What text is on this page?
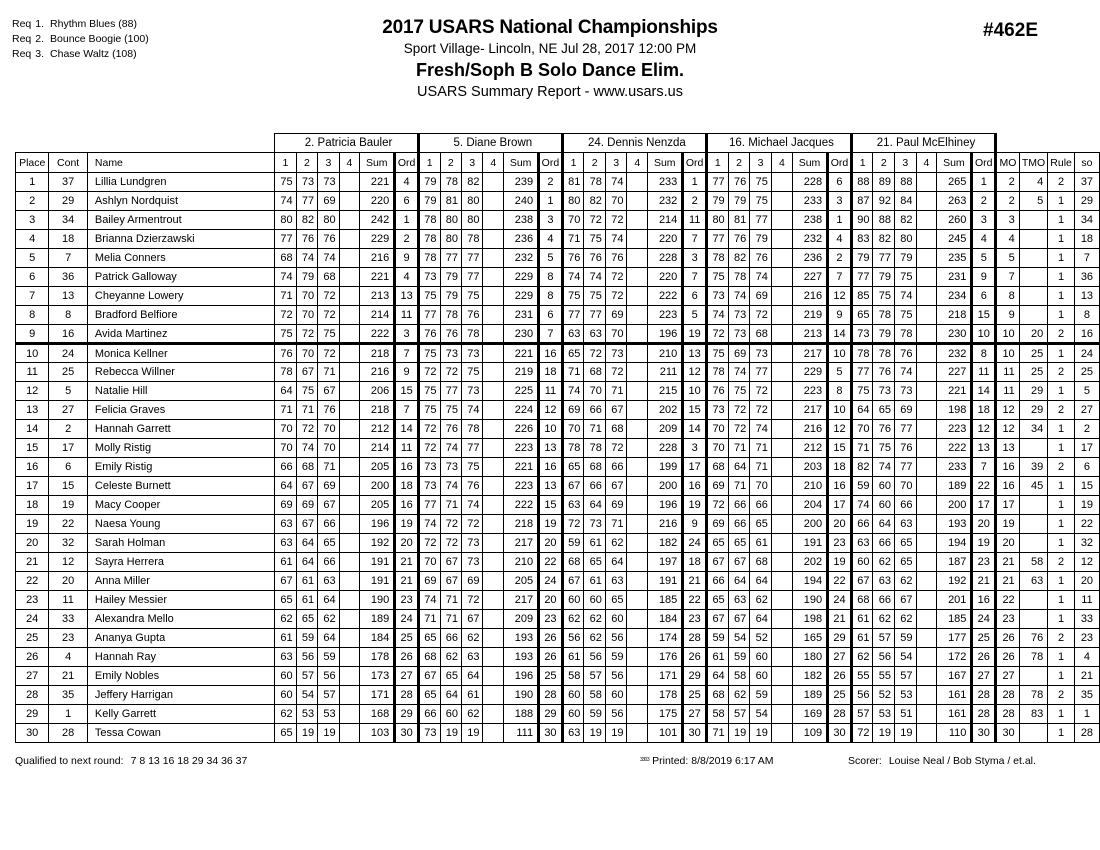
Req 1. Rhythm Blues (88)
Req 2. Bounce Boogie (100)
Req 3. Chase Waltz (108)
2017 USARS National Championships
Sport Village- Lincoln, NE Jul 28, 2017 12:00 PM
Fresh/Soph B Solo Dance Elim.
USARS Summary Report - www.usars.us
#462E
			2. Patricia Bauler						5. Diane Brown						24. Dennis Nenzda						16. Michael Jacques						21. Paul McElhiney									
Place	Cont	Name	1	2	3	4	Sum	Ord	1	2	3	4	Sum	Ord	1	2	3	4	Sum	Ord	1	2	3	4	Sum	Ord	1	2	3	4	Sum	Ord	MO	TMO	Rule	so
1	37	Lillia Lundgren	75	73	73		221	4	79	78	82		239	2	81	78	74		233	1	77	76	75		228	6	88	89	88		265	1	2	4	2	37
2	29	Ashlyn Nordquist	74	77	69		220	6	79	81	80		240	1	80	82	70		232	2	79	79	75		233	3	87	92	84		263	2	2	5	1	29
3	34	Bailey Armentrout	80	82	80		242	1	78	80	80		238	3	70	72	72		214	11	80	81	77		238	1	90	88	82		260	3	3		1	34
4	18	Brianna Dzierzawski	77	76	76		229	2	78	80	78		236	4	71	75	74		220	7	77	76	79		232	4	83	82	80		245	4	4		1	18
5	7	Melia Conners	68	74	74		216	9	78	77	77		232	5	76	76	76		228	3	78	82	76		236	2	79	77	79		235	5	5		1	7
6	36	Patrick Galloway	74	79	68		221	4	73	79	77		229	8	74	74	72		220	7	75	78	74		227	7	77	79	75		231	9	7		1	36
7	13	Cheyanne Lowery	71	70	72		213	13	75	79	75		229	8	75	75	72		222	6	73	74	69		216	12	85	75	74		234	6	8		1	13
8	8	Bradford Belfiore	72	70	72		214	11	77	78	76		231	6	77	77	69		223	5	74	73	72		219	9	65	78	75		218	15	9		1	8
9	16	Avida Martinez	75	72	75		222	3	76	76	78		230	7	63	63	70		196	19	72	73	68		213	14	73	79	78		230	10	10	20	2	16
10	24	Monica Kellner	76	70	72		218	7	75	73	73		221	16	65	72	73		210	13	75	69	73		217	10	78	78	76		232	8	10	25	1	24
11	25	Rebecca Willner	78	67	71		216	9	72	72	75		219	18	71	68	72		211	12	78	74	77		229	5	77	76	74		227	11	11	25	2	25
12	5	Natalie Hill	64	75	67		206	15	75	77	73		225	11	74	70	71		215	10	76	75	72		223	8	75	73	73		221	14	11	29	1	5
13	27	Felicia Graves	71	71	76		218	7	75	75	74		224	12	69	66	67		202	15	73	72	72		217	10	64	65	69		198	18	12	29	2	27
14	2	Hannah Garrett	70	72	70		212	14	72	76	78		226	10	70	71	68		209	14	70	72	74		216	12	70	76	77		223	12	12	34	1	2
15	17	Molly Ristig	70	74	70		214	11	72	74	77		223	13	78	78	72		228	3	70	71	71		212	15	71	75	76		222	13	13		1	17
16	6	Emily Ristig	66	68	71		205	16	73	73	75		221	16	65	68	66		199	17	68	64	71		203	18	82	74	77		233	7	16	39	2	6
17	15	Celeste Burnett	64	67	69		200	18	73	74	76		223	13	67	66	67		200	16	69	71	70		210	16	59	60	70		189	22	16	45	1	15
18	19	Macy Cooper	69	69	67		205	16	77	71	74		222	15	63	64	69		196	19	72	66	66		204	17	74	60	66		200	17	17		1	19
19	22	Naesa Young	63	67	66		196	19	74	72	72		218	19	72	73	71		216	9	69	66	65		200	20	66	64	63		193	20	19		1	22
20	32	Sarah Holman	63	64	65		192	20	72	72	73		217	20	59	61	62		182	24	65	65	61		191	23	63	66	65		194	19	20		1	32
21	12	Sayra Herrera	61	64	66		191	21	70	67	73		210	22	68	65	64		197	18	67	67	68		202	19	60	62	65		187	23	21	58	2	12
22	20	Anna Miller	67	61	63		191	21	69	67	69		205	24	67	61	63		191	21	66	64	64		194	22	67	63	62		192	21	21	63	1	20
23	11	Hailey Messier	65	61	64		190	23	74	71	72		217	20	60	60	65		185	22	65	63	62		190	24	68	66	67		201	16	22		1	11
24	33	Alexandra Mello	62	65	62		189	24	71	71	67		209	23	62	62	60		184	23	67	67	64		198	21	61	62	62		185	24	23		1	33
25	23	Ananya Gupta	61	59	64		184	25	65	66	62		193	26	56	62	56		174	28	59	54	52		165	29	61	57	59		177	25	26	76	2	23
26	4	Hannah Ray	63	56	59		178	26	68	62	63		193	26	61	56	59		176	26	61	59	60		180	27	62	56	54		172	26	26	78	1	4
27	21	Emily Nobles	60	57	56		173	27	67	65	64		196	25	58	57	56		171	29	64	58	60		182	26	55	55	57		167	27	27		1	21
28	35	Jeffery Harrigan	60	54	57		171	28	65	64	61		190	28	60	58	60		178	25	68	62	59		189	25	56	52	53		161	28	28	78	2	35
29	1	Kelly Garrett	62	53	53		168	29	66	60	62		188	29	60	59	56		175	27	58	57	54		169	28	57	53	51		161	28	28	83	1	1
30	28	Tessa Cowan	65	19	19		103	30	73	19	19		111	30	63	19	19		101	30	71	19	19		109	30	72	19	19		110	30	30		1	28
Qualified to next round: 7 8 13 16 18 29 34 36 37	$^{3303}$ Printed: 8/8/2019 6:17 AM	Scorer: Louise Neal / Bob Styma / et.al.
